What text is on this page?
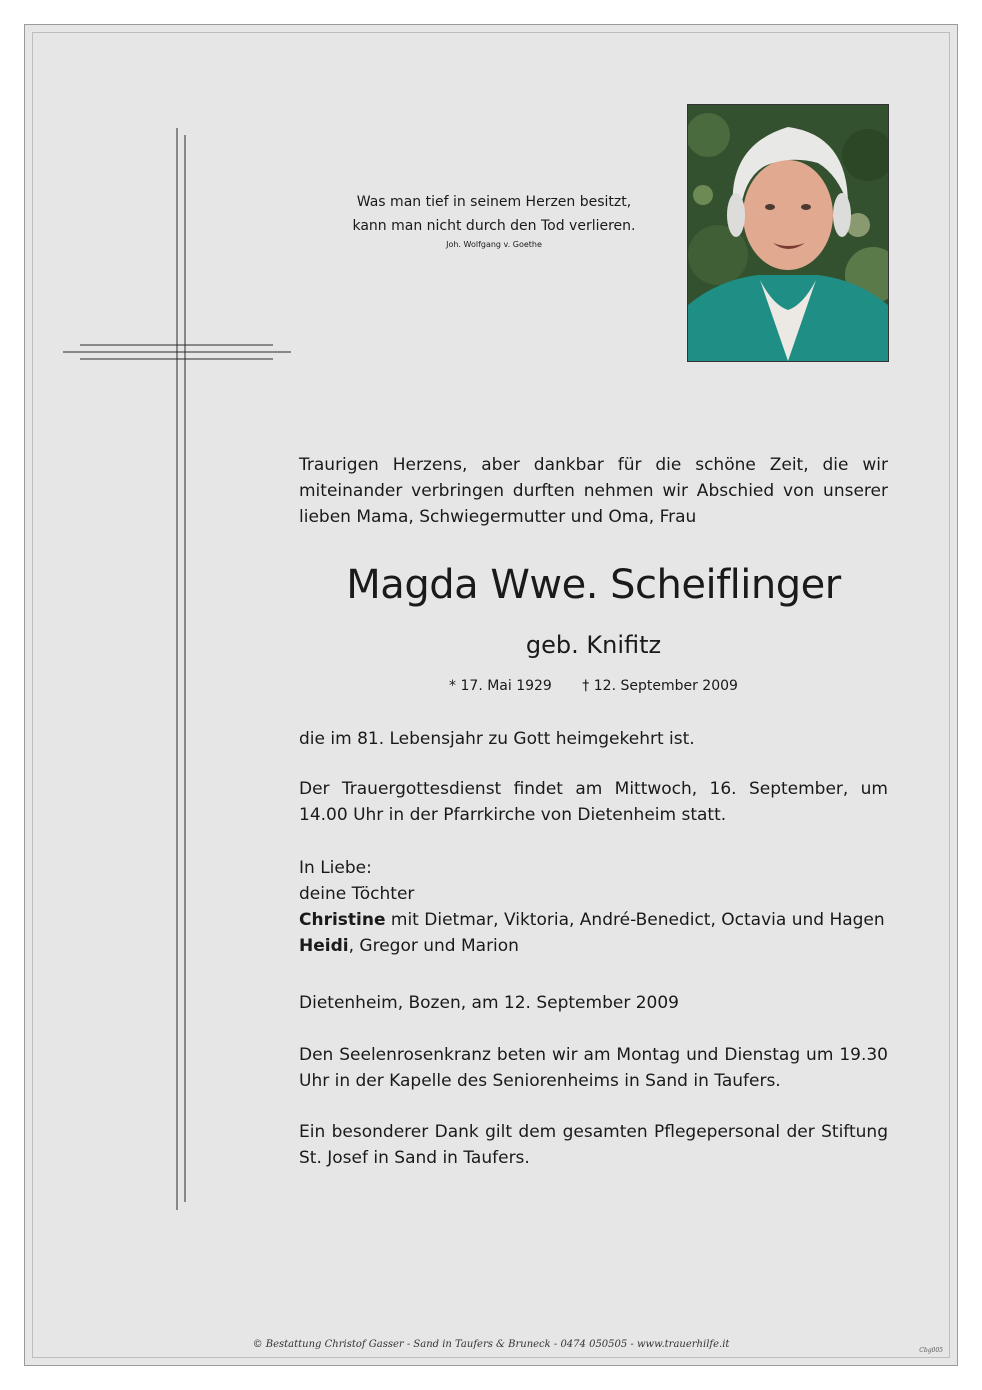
Was man tief in seinem Herzen besitzt,
kann man nicht durch den Tod verlieren.
Joh. Wolfgang v. Goethe
Traurigen Herzens, aber dankbar für die schöne Zeit, die wir miteinander verbringen durften nehmen wir Abschied von unserer lieben Mama, Schwiegermutter und Oma, Frau
Magda Wwe. Scheiflinger
geb. Knifitz
* 17. Mai 1929 † 12. September 2009
die im 81. Lebensjahr zu Gott heimgekehrt ist.
Der Trauergottesdienst findet am Mittwoch, 16. September, um 14.00 Uhr in der Pfarrkirche von Dietenheim statt.
In Liebe:
deine Töchter
Christine mit Dietmar, Viktoria, André-Benedict, Octavia und Hagen
Heidi, Gregor und Marion
Dietenheim, Bozen, am 12. September 2009
Den Seelenrosenkranz beten wir am Montag und Dienstag um 19.30 Uhr in der Kapelle des Seniorenheims in Sand in Taufers.
Ein besonderer Dank gilt dem gesamten Pflegepersonal der Stiftung St. Josef in Sand in Taufers.
© Bestattung Christof Gasser - Sand in Taufers & Bruneck - 0474 050505 - www.trauerhilfe.it
Cbg005
